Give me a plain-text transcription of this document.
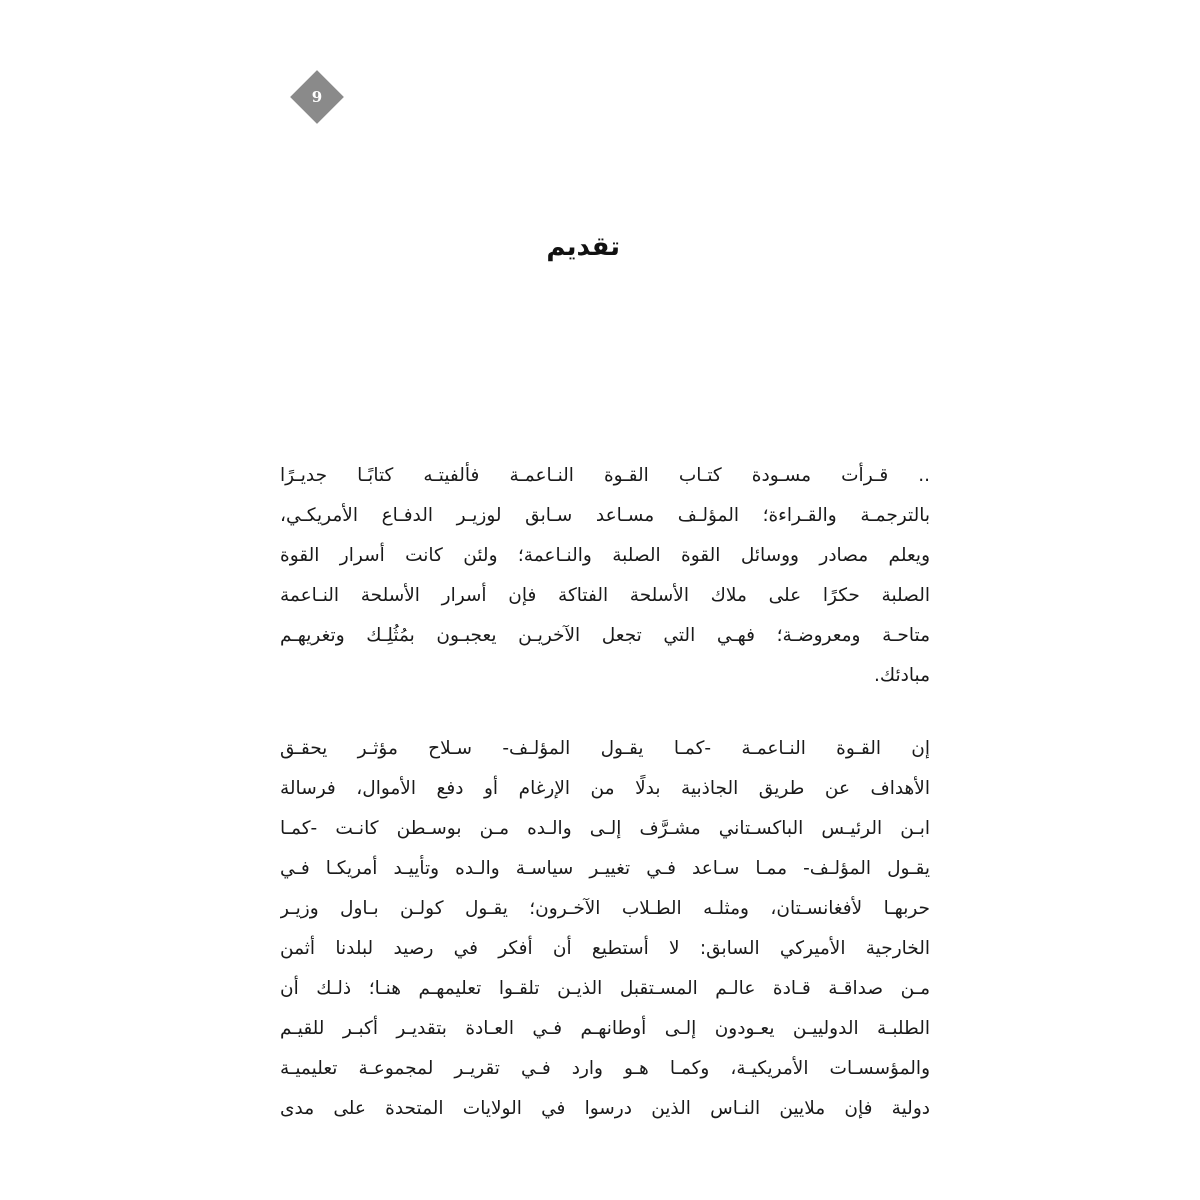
9
تقديم

.. قـرأت مسـودة كتـاب القـوة النـاعمـة فألفيتـه كتابًـا جديـرًا
بالترجمـة والقـراءة؛ المؤلـف مسـاعد سـابق لوزيـر الدفـاع الأمريكـي،
ويعلم مصادر ووسائل القوة الصلبة والنـاعمة؛ ولئن كانت أسرار القوة
الصلبة حكرًا على ملاك الأسلحة الفتاكة فإن أسرار الأسلحة النـاعمة
متاحـة ومعروضـة؛ فهـي التي تجعل الآخريـن يعجبـون بمُثُلِـك وتغريهـم
مبادئك.

إن القـوة النـاعمـة -كمـا يقـول المؤلـف- سـلاح مؤثـر يحقـق
الأهداف عن طريق الجاذبية بدلًا من الإرغام أو دفع الأموال، فرسالة
ابـن الرئيـس الباكسـتاني مشـرَّف إلـى والـده مـن بوسـطن كانـت -كمـا
يقـول المؤلـف- ممـا سـاعد فـي تغييـر سياسـة والـده وتأييـد أمريكـا فـي
حربهـا لأفغانسـتان، ومثلـه الطـلاب الآخـرون؛ يقـول كولـن بـاول وزيـر
الخارجية الأميركي السابق: لا أستطيع أن أفكر في رصيد لبلدنا أثمن
مـن صداقـة قـادة عالـم المسـتقبل الذيـن تلقـوا تعليمهـم هنـا؛ ذلـك أن
الطلبـة الدولييـن يعـودون إلـى أوطانهـم فـي العـادة بتقديـر أكبـر للقيـم
والمؤسسـات الأمريكيـة، وكمـا هـو وارد فـي تقريـر لمجموعـة تعليميـة
دولية فإن ملايين النـاس الذين درسوا في الولايات المتحدة على مدى
